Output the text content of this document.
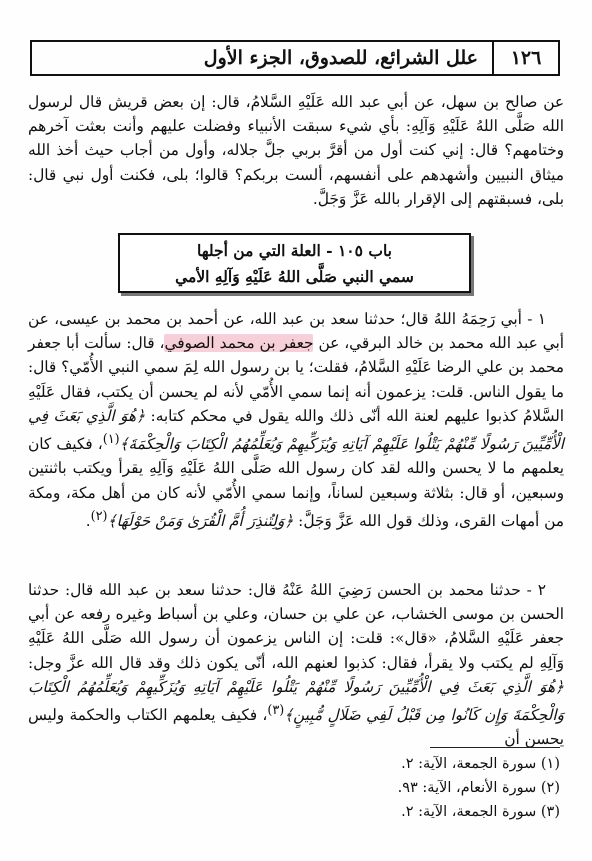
١٢٦
علل الشرائع، للصدوق، الجزء الأول

عن صالح بن سهل، عن أبي عبد الله عَلَيْهِ السَّلامُ، قال: إن بعض قريش قال لرسول الله صَلَّى اللهُ عَلَيْهِ وَآلِهِ: بأي شيء سبقت الأنبياء وفضلت عليهم وأنت بعثت آخرهم وختامهم؟ قال: إني كنت أول من أقرَّ بربي جلَّ جلاله، وأول من أجاب حيث أخذ الله ميثاق النبيين وأشهدهم على أنفسهم، ألست بربكم؟ قالوا؛ بلى، فكنت أول نبي قال: بلى، فسبقتهم إلى الإقرار بالله عَزَّ وَجَلَّ.

باب ١٠٥ - العلة التي من أجلها
سمي النبي صَلَّى اللهُ عَلَيْهِ وَآلِهِ الأمي

١ - أبي رَحِمَهُ اللهُ قال؛ حدثنا سعد بن عبد الله، عن أحمد بن محمد بن عيسى، عن أبي عبد الله محمد بن خالد البرقي، عن جعفر بن محمد الصوفي، قال: سألت أبا جعفر محمد بن علي الرضا عَلَيْهِ السَّلامُ، فقلت؛ يا بن رسول الله لِمَ سمي النبي الأُمّي؟ قال: ما يقول الناس. قلت: يزعمون أنه إنما سمي الأُمّي لأنه لم يحسن أن يكتب، فقال عَلَيْهِ السَّلامُ كذبوا عليهم لعنة الله أنّى ذلك والله يقول في محكم كتابه: ﴿هُوَ الَّذِي بَعَثَ فِي الْأُمِّيِّينَ رَسُولًا مِّنْهُمْ يَتْلُوا عَلَيْهِمْ آيَاتِهِ وَيُزَكِّيهِمْ وَيُعَلِّمُهُمُ الْكِتَابَ وَالْحِكْمَةَ﴾$^{(١)}$، فكيف كان يعلمهم ما لا يحسن والله لقد كان رسول الله صَلَّى اللهُ عَلَيْهِ وَآلِهِ يقرأ ويكتب باثنتين وسبعين، أو قال: بثلاثة وسبعين لساناً، وإنما سمي الأُمّي لأنه كان من أهل مكة، ومكة من أمهات القرى، وذلك قول الله عَزَّ وَجَلَّ: ﴿وَلِتُنذِرَ أُمَّ الْقُرَىٰ وَمَنْ حَوْلَهَا﴾$^{(٢)}$.

٢ - حدثنا محمد بن الحسن رَضِيَ اللهُ عَنْهُ قال: حدثنا سعد بن عبد الله قال: حدثنا الحسن بن موسى الخشاب، عن علي بن حسان، وعلي بن أسباط وغيره رفعه عن أبي جعفر عَلَيْهِ السَّلامُ، «قال»: قلت: إن الناس يزعمون أن رسول الله صَلَّى اللهُ عَلَيْهِ وَآلِهِ لم يكتب ولا يقرأ، فقال: كذبوا لعنهم الله، أنّى يكون ذلك وقد قال الله عزَّ وجل: ﴿هُوَ الَّذِي بَعَثَ فِي الْأُمِّيِّينَ رَسُولًا مِّنْهُمْ يَتْلُوا عَلَيْهِمْ آيَاتِهِ وَيُزَكِّيهِمْ وَيُعَلِّمُهُمُ الْكِتَابَ وَالْحِكْمَةَ وَإِن كَانُوا مِن قَبْلُ لَفِي ضَلَالٍ مُّبِينٍ﴾$^{(٣)}$، فكيف يعلمهم الكتاب والحكمة وليس يحسن أن

(١) سورة الجمعة، الآية: ٢.
(٢) سورة الأنعام، الآية: ٩٣.
(٣) سورة الجمعة، الآية: ٢.
